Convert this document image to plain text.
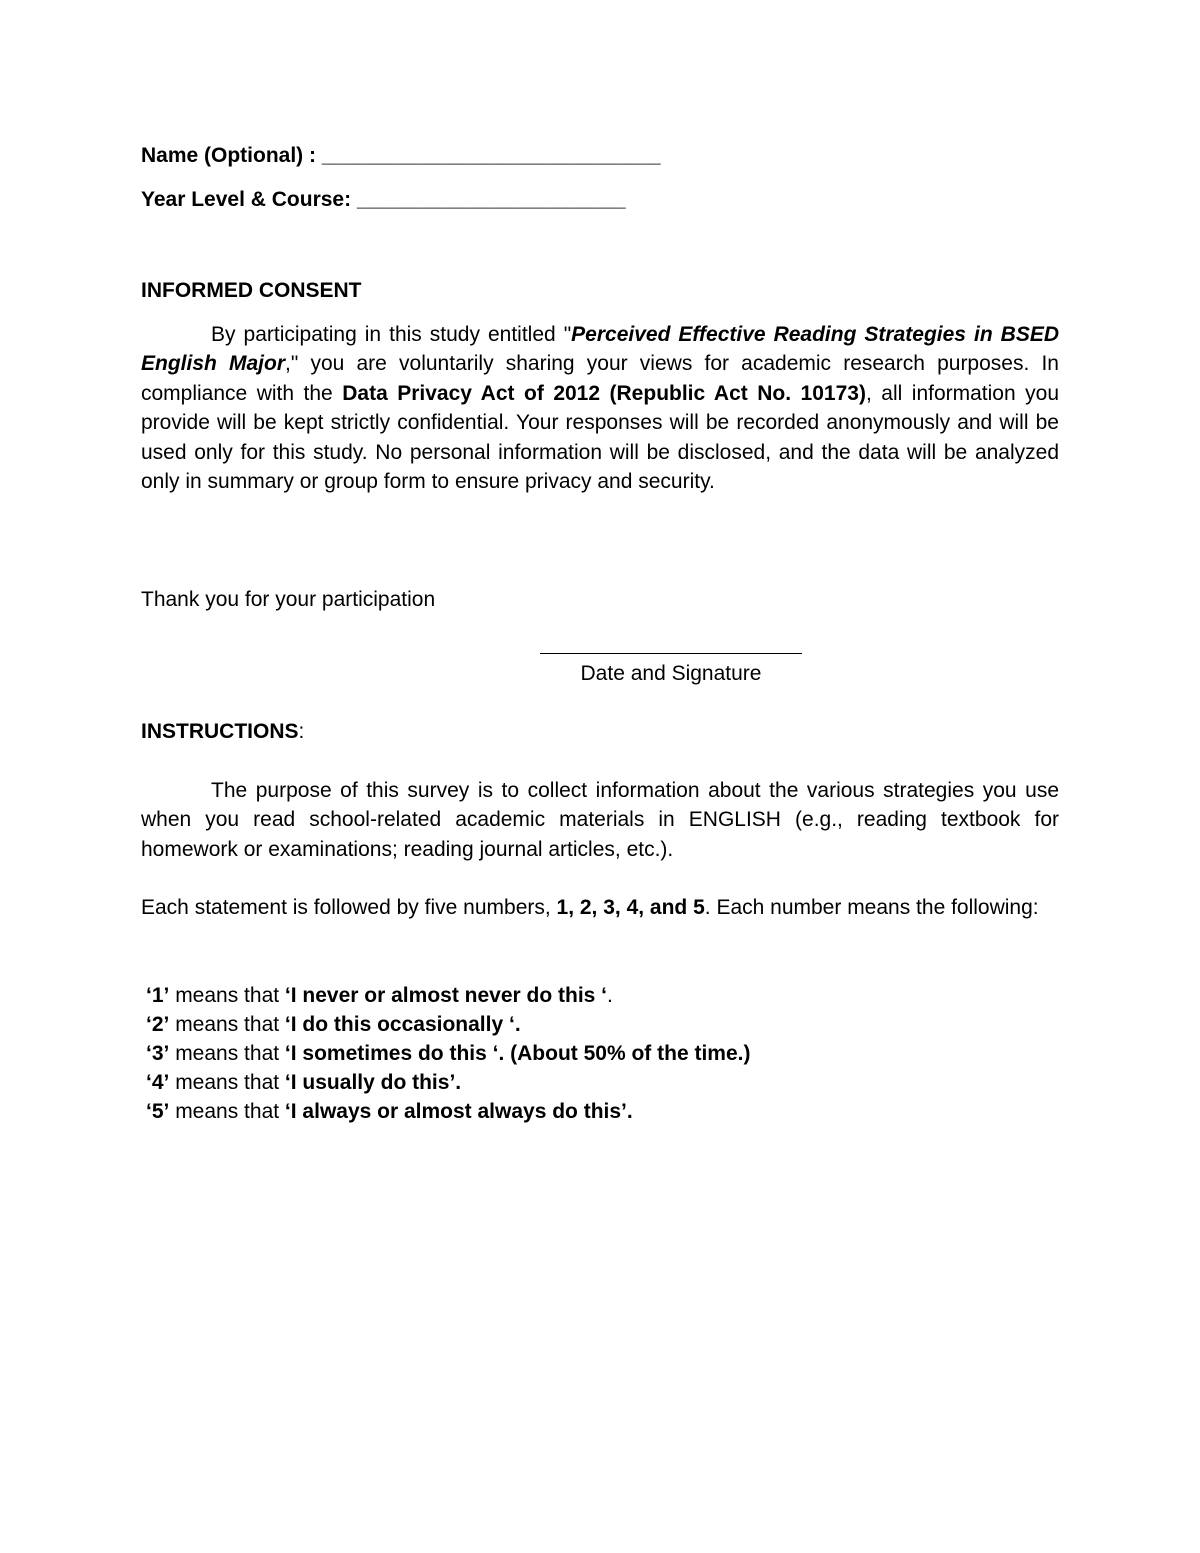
Name (Optional) : _____________________________
Year Level & Course: _______________________
INFORMED CONSENT
By participating in this study entitled "Perceived Effective Reading Strategies in BSED English Major," you are voluntarily sharing your views for academic research purposes. In compliance with the Data Privacy Act of 2012 (Republic Act No. 10173), all information you provide will be kept strictly confidential. Your responses will be recorded anonymously and will be used only for this study. No personal information will be disclosed, and the data will be analyzed only in summary or group form to ensure privacy and security.
Thank you for your participation
Date and Signature
INSTRUCTIONS:
The purpose of this survey is to collect information about the various strategies you use when you read school-related academic materials in ENGLISH (e.g., reading textbook for homework or examinations; reading journal articles, etc.).
Each statement is followed by five numbers, 1, 2, 3, 4, and 5. Each number means the following:
‘1’ means that ‘I never or almost never do this ‘.
‘2’ means that ‘I do this occasionally ‘.
‘3’ means that ‘I sometimes do this ‘. (About 50% of the time.)
‘4’ means that ‘I usually do this’.
‘5’ means that ‘I always or almost always do this’.
